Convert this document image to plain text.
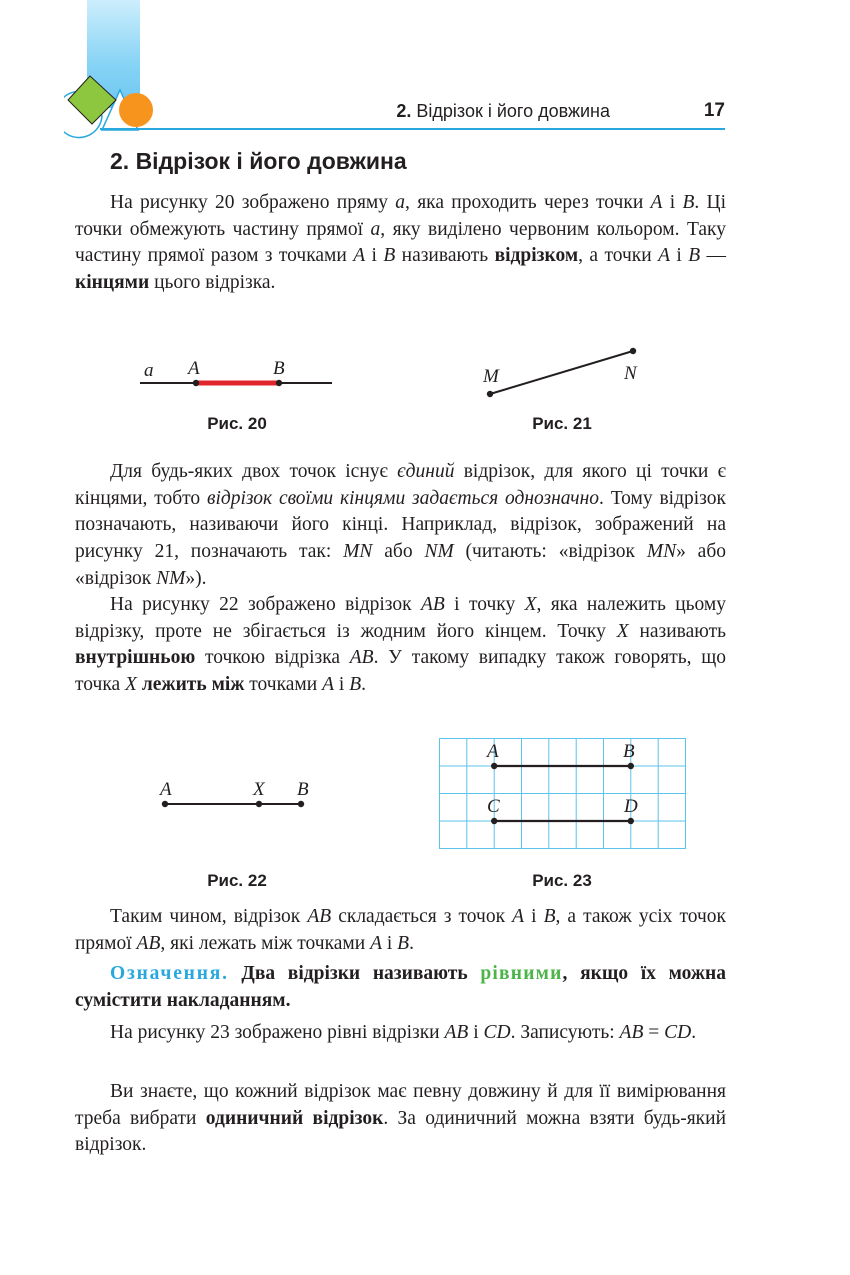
2. Відрізок і його довжина	17
2. Відрізок і його довжина

На рисунку 20 зображено пряму a, яка проходить через точки A і B. Ці точки обмежують частину прямої a, яку виділено червоним кольором. Таку частину прямої разом з точками A і B називають відрізком, а точки A і B — кінцями цього відрізка.

a A	B
Рис. 20
M	N
Рис. 21

Для будь-яких двох точок існує єдиний відрізок, для якого ці точки є кінцями, тобто відрізок своїми кінцями задається однозначно. Тому відрізок позначають, називаючи його кінці. Наприклад, відрізок, зображений на рисунку 21, позначають так: MN або NM (читають: «відрізок MN» або «відрізок NM»).

На рисунку 22 зображено відрізок AB і точку X, яка належить цьому відрізку, проте не збігається із жодним його кінцем. Точку X називають внутрішньою точкою відрізка AB. У такому випадку також говорять, що точка X лежить між точками A і B.

A	X B
Рис. 22
A	B
C	D
Рис. 23

Таким чином, відрізок AB складається з точок A і B, а також усіх точок прямої AB, які лежать між точками A і B.

Означення. Два відрізки називають рівними, якщо їх можна сумістити накладанням.

На рисунку 23 зображено рівні відрізки AB і CD. Записують: AB = CD.

Ви знаєте, що кожний відрізок має певну довжину й для її вимірювання треба вибрати одиничний відрізок. За одиничний можна взяти будь-який відрізок.
